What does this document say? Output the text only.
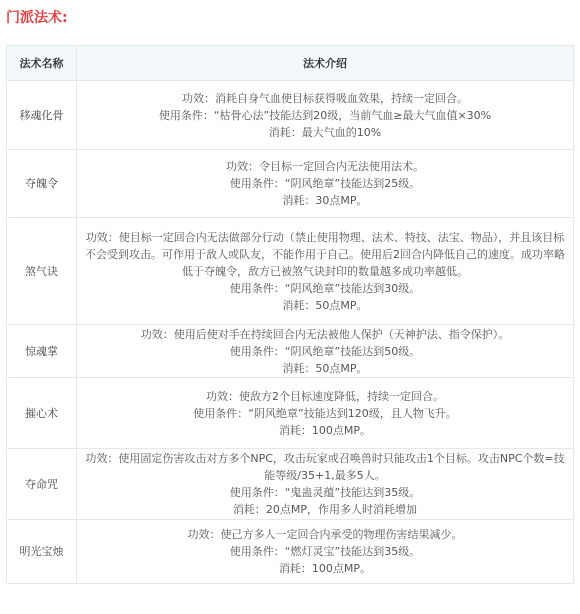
门派法术:
法术名称	法术介绍
移魂化骨	功效：消耗自身气血使目标获得吸血效果，持续一定回合。
使用条件：“枯骨心法”技能达到20级，当前气血≥最大气血值×30%
消耗：最大气血的10%

夺魄令	功效：令目标一定回合内无法使用法术。
使用条件：“阴风绝章”技能达到25级。
消耗：30点MP。

煞气诀	功效：使目标一定回合内无法做部分行动（禁止使用物理、法术、特技、法宝、物品），并且该目标不会受到攻击。可作用于敌人或队友，不能作用于自己。使用后2回合内降低自己的速度。成功率略低于夺魄令，敌方已被煞气诀封印的数量越多成功率越低。
使用条件：“阴风绝章”技能达到30级。
消耗：50点MP。

惊魂掌	功效：使用后使对手在持续回合内无法被他人保护（天神护法、指令保护）。
使用条件：“阴风绝章”技能达到50级。
消耗：50点MP。

摧心术	功效：使敌方2个目标速度降低，持续一定回合。
使用条件：“阴风绝章”技能达到120级，且人物飞升。
消耗：100点MP。

夺命咒	功效：使用固定伤害攻击对方多个NPC，攻击玩家或召唤兽时只能攻击1个目标。攻击NPC个数=技能等级/35+1,最多5人。
使用条件：“鬼蛊灵蕴”技能达到35级。
消耗：20点MP，作用多人时消耗增加

明光宝烛	功效：使己方多人一定回合内承受的物理伤害结果减少。
使用条件：“燃灯灵宝”技能达到35级。
消耗：100点MP。
